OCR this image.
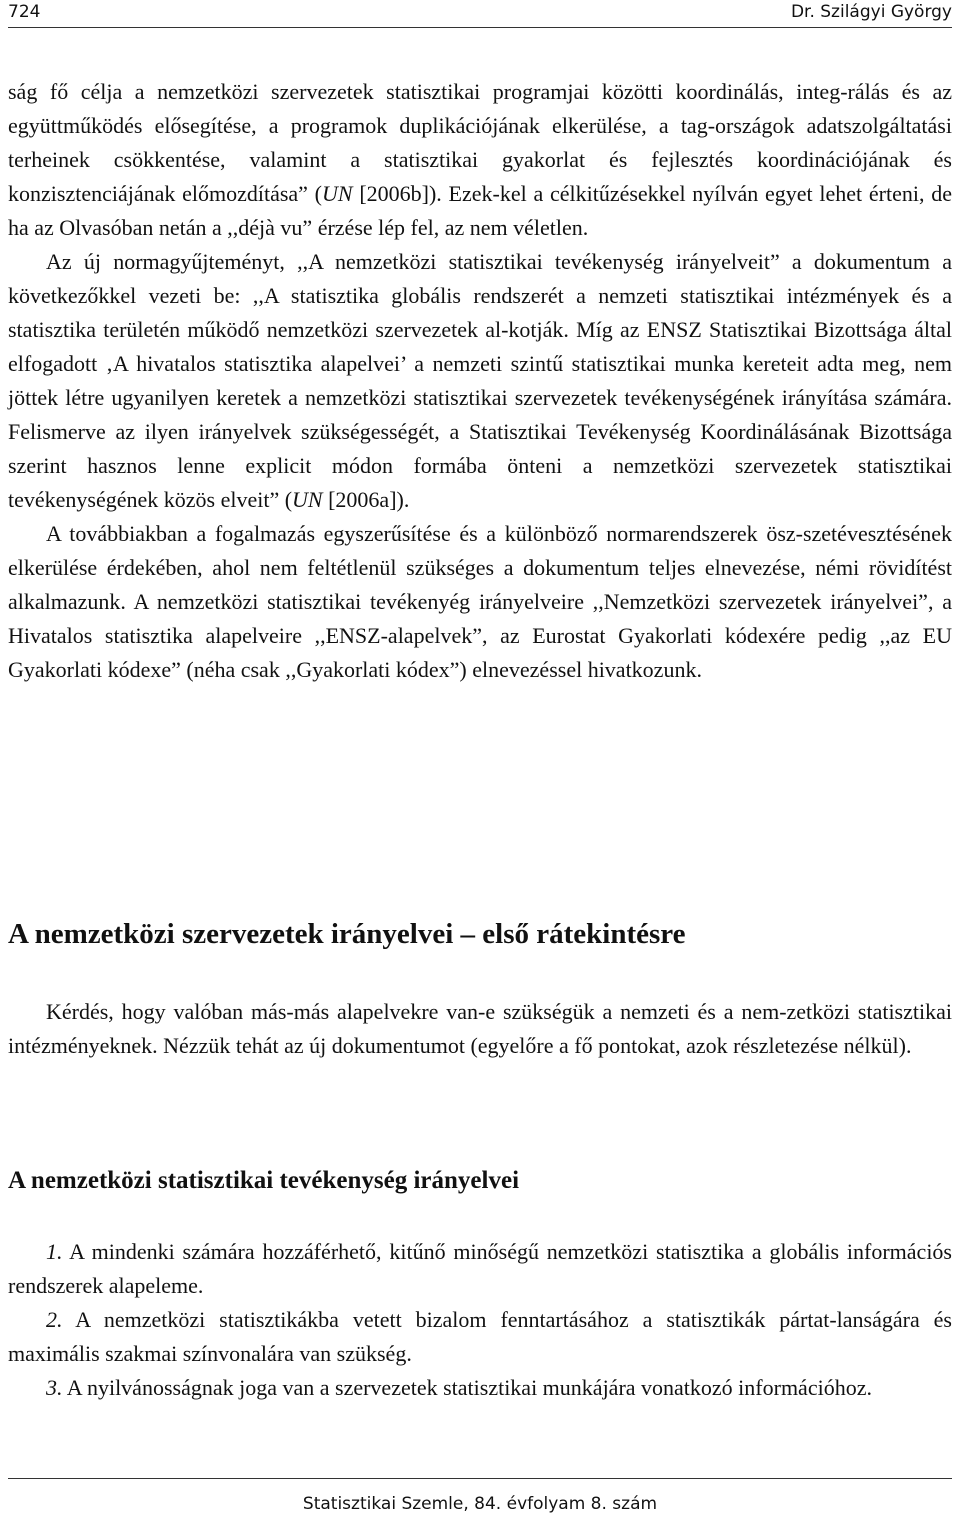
724	Dr. Szilágyi György

ság fő célja a nemzetközi szervezetek statisztikai programjai közötti koordinálás, integ-rálás és az együttműködés elősegítése, a programok duplikációjának elkerülése, a tag-országok adatszolgáltatási terheinek csökkentése, valamint a statisztikai gyakorlat és fejlesztés koordinációjának és konzisztenciájának előmozdítása” (UN [2006b]). Ezek-kel a célkitűzésekkel nyílván egyet lehet érteni, de ha az Olvasóban netán a ,,déjà vu” érzése lép fel, az nem véletlen.

Az új normagyűjteményt, ,,A nemzetközi statisztikai tevékenység irányelveit” a dokumentum a következőkkel vezeti be: ,,A statisztika globális rendszerét a nemzeti statisztikai intézmények és a statisztika területén működő nemzetközi szervezetek al-kotják. Míg az ENSZ Statisztikai Bizottsága által elfogadott ‚A hivatalos statisztika alapelvei’ a nemzeti szintű statisztikai munka kereteit adta meg, nem jöttek létre ugyanilyen keretek a nemzetközi statisztikai szervezetek tevékenységének irányítása számára. Felismerve az ilyen irányelvek szükségességét, a Statisztikai Tevékenység Koordinálásának Bizottsága szerint hasznos lenne explicit módon formába önteni a nemzetközi szervezetek statisztikai tevékenységének közös elveit” (UN [2006a]).

A továbbiakban a fogalmazás egyszerűsítése és a különböző normarendszerek ösz-szetévesztésének elkerülése érdekében, ahol nem feltétlenül szükséges a dokumentum teljes elnevezése, némi rövidítést alkalmazunk. A nemzetközi statisztikai tevékenyég irányelveire ,,Nemzetközi szervezetek irányelvei”, a Hivatalos statisztika alapelveire ,,ENSZ-alapelvek”, az Eurostat Gyakorlati kódexére pedig ,,az EU Gyakorlati kódexe” (néha csak ,,Gyakorlati kódex”) elnevezéssel hivatkozunk.

A nemzetközi szervezetek irányelvei – első rátekintésre

Kérdés, hogy valóban más-más alapelvekre van-e szükségük a nemzeti és a nem-zetközi statisztikai intézményeknek. Nézzük tehát az új dokumentumot (egyelőre a fő pontokat, azok részletezése nélkül).

A nemzetközi statisztikai tevékenység irányelvei

1. A mindenki számára hozzáférhető, kitűnő minőségű nemzetközi statisztika a globális információs rendszerek alapeleme.

2. A nemzetközi statisztikákba vetett bizalom fenntartásához a statisztikák pártat-lanságára és maximális szakmai színvonalára van szükség.

3. A nyilvánosságnak joga van a szervezetek statisztikai munkájára vonatkozó információhoz.

Statisztikai Szemle, 84. évfolyam 8. szám
